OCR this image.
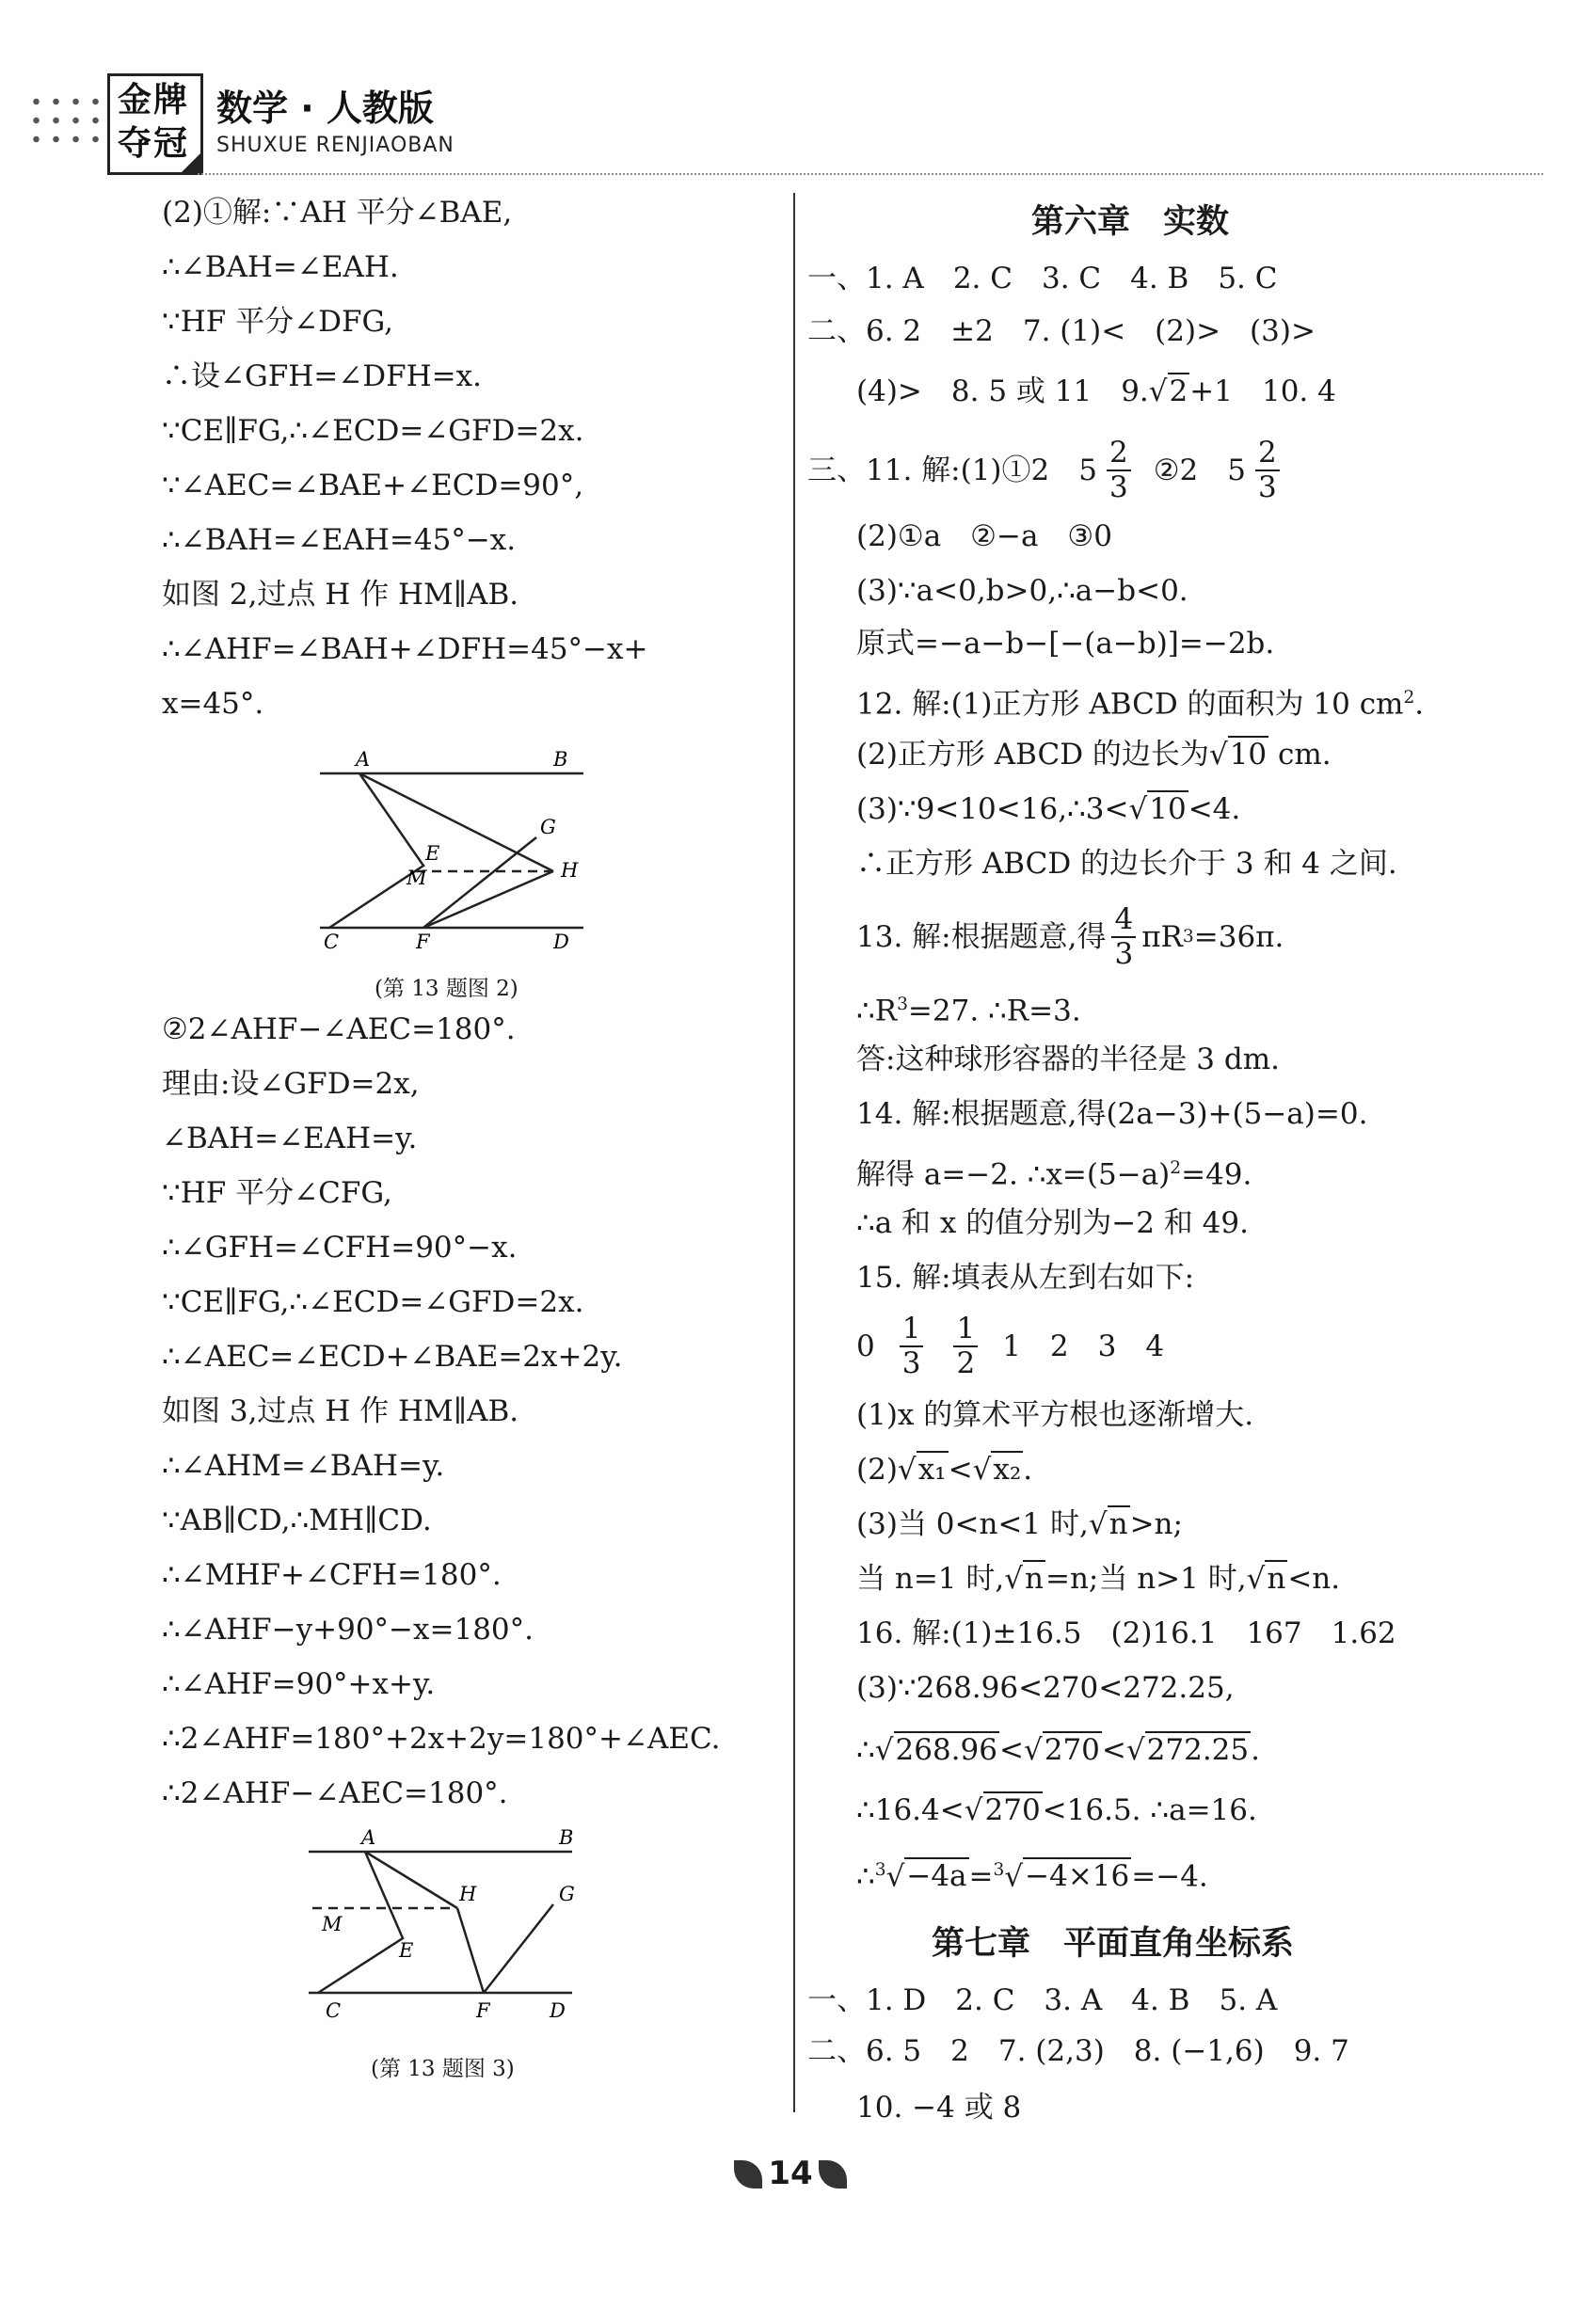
金牌
夺冠
数学 · 人教版
SHUXUE RENJIAOBAN
(2)①解:∵AH 平分∠BAE,
∴∠BAH=∠EAH.
∵HF 平分∠DFG,
∴设∠GFH=∠DFH=x.
∵CE∥FG,∴∠ECD=∠GFD=2x.
∵∠AEC=∠BAE+∠ECD=90°,
∴∠BAH=∠EAH=45°−x.
如图 2,过点 H 作 HM∥AB.
∴∠AHF=∠BAH+∠DFH=45°−x+
x=45°.
A	B
C	D
E
F
G
H
M
(第 13 题图 2)
②2∠AHF−∠AEC=180°.
理由:设∠GFD=2x,
∠BAH=∠EAH=y.
∵HF 平分∠CFG,
∴∠GFH=∠CFH=90°−x.
∵CE∥FG,∴∠ECD=∠GFD=2x.
∴∠AEC=∠ECD+∠BAE=2x+2y.
如图 3,过点 H 作 HM∥AB.
∴∠AHM=∠BAH=y.
∵AB∥CD,∴MH∥CD.
∴∠MHF+∠CFH=180°.
∴∠AHF−y+90°−x=180°.
∴∠AHF=90°+x+y.
∴2∠AHF=180°+2x+2y=180°+∠AEC.
∴2∠AHF−∠AEC=180°.
A	B
C	D
E
F
G
H
M
(第 13 题图 3)
第六章　实数
一、1. A　2. C　3. C　4. B　5. C
二、6. 2　±2　7. (1)<　(2)>　(3)>
(4)>　8. 5 或 11　9.√2+1　10. 4
三、11. 解:(1)①2　$5 \frac{2}{3}$ ②2　$5 \frac{2}{3}$
(2)①a　②−a　③0
(3)∵a<0,b>0,∴a−b<0.
原式=−a−b−[−(a−b)]=−2b.
12. 解:(1)正方形 ABCD 的面积为 10 $cm^2$.
(2)正方形 ABCD 的边长为√10 cm.
(3)∵9<10<16,∴3<√10<4.
∴正方形 ABCD 的边长介于 3 和 4 之间.
13. 解:根据题意,得 $\frac{4}{3}$ πR 3 =36π.
$\therefore R^3=27$. ∴R=3.
答:这种球形容器的半径是 3 dm.
14. 解:根据题意,得(2a−3)+(5−a)=0.
解得 a=−2. $\therefore x=(5-a)^2=49$.
∴a 和 x 的值分别为−2 和 49.
15. 解:填表从左到右如下:
$0 \frac{1}{3} \frac{1}{2} 1$　2　3　4
(1)x 的算术平方根也逐渐增大.
(2)√x₁<√x₂.
(3)当 0<n<1 时,√n>n;
当 n=1 时,√n=n;当 n>1 时,√n<n.
16. 解:(1)±16.5　(2)16.1　167　1.62
(3)∵268.96<270<272.25,
∴√268.96<√270<√272.25.
∴16.4<√270<16.5. ∴a=16.
∴$^3$√−4a=$^3$√−4×16=−4.
第七章　平面直角坐标系
一、1. D　2. C　3. A　4. B　5. A
二、6. 5　2　7. (2,3)　8. (−1,6)　9. 7
10. −4 或 8
14
